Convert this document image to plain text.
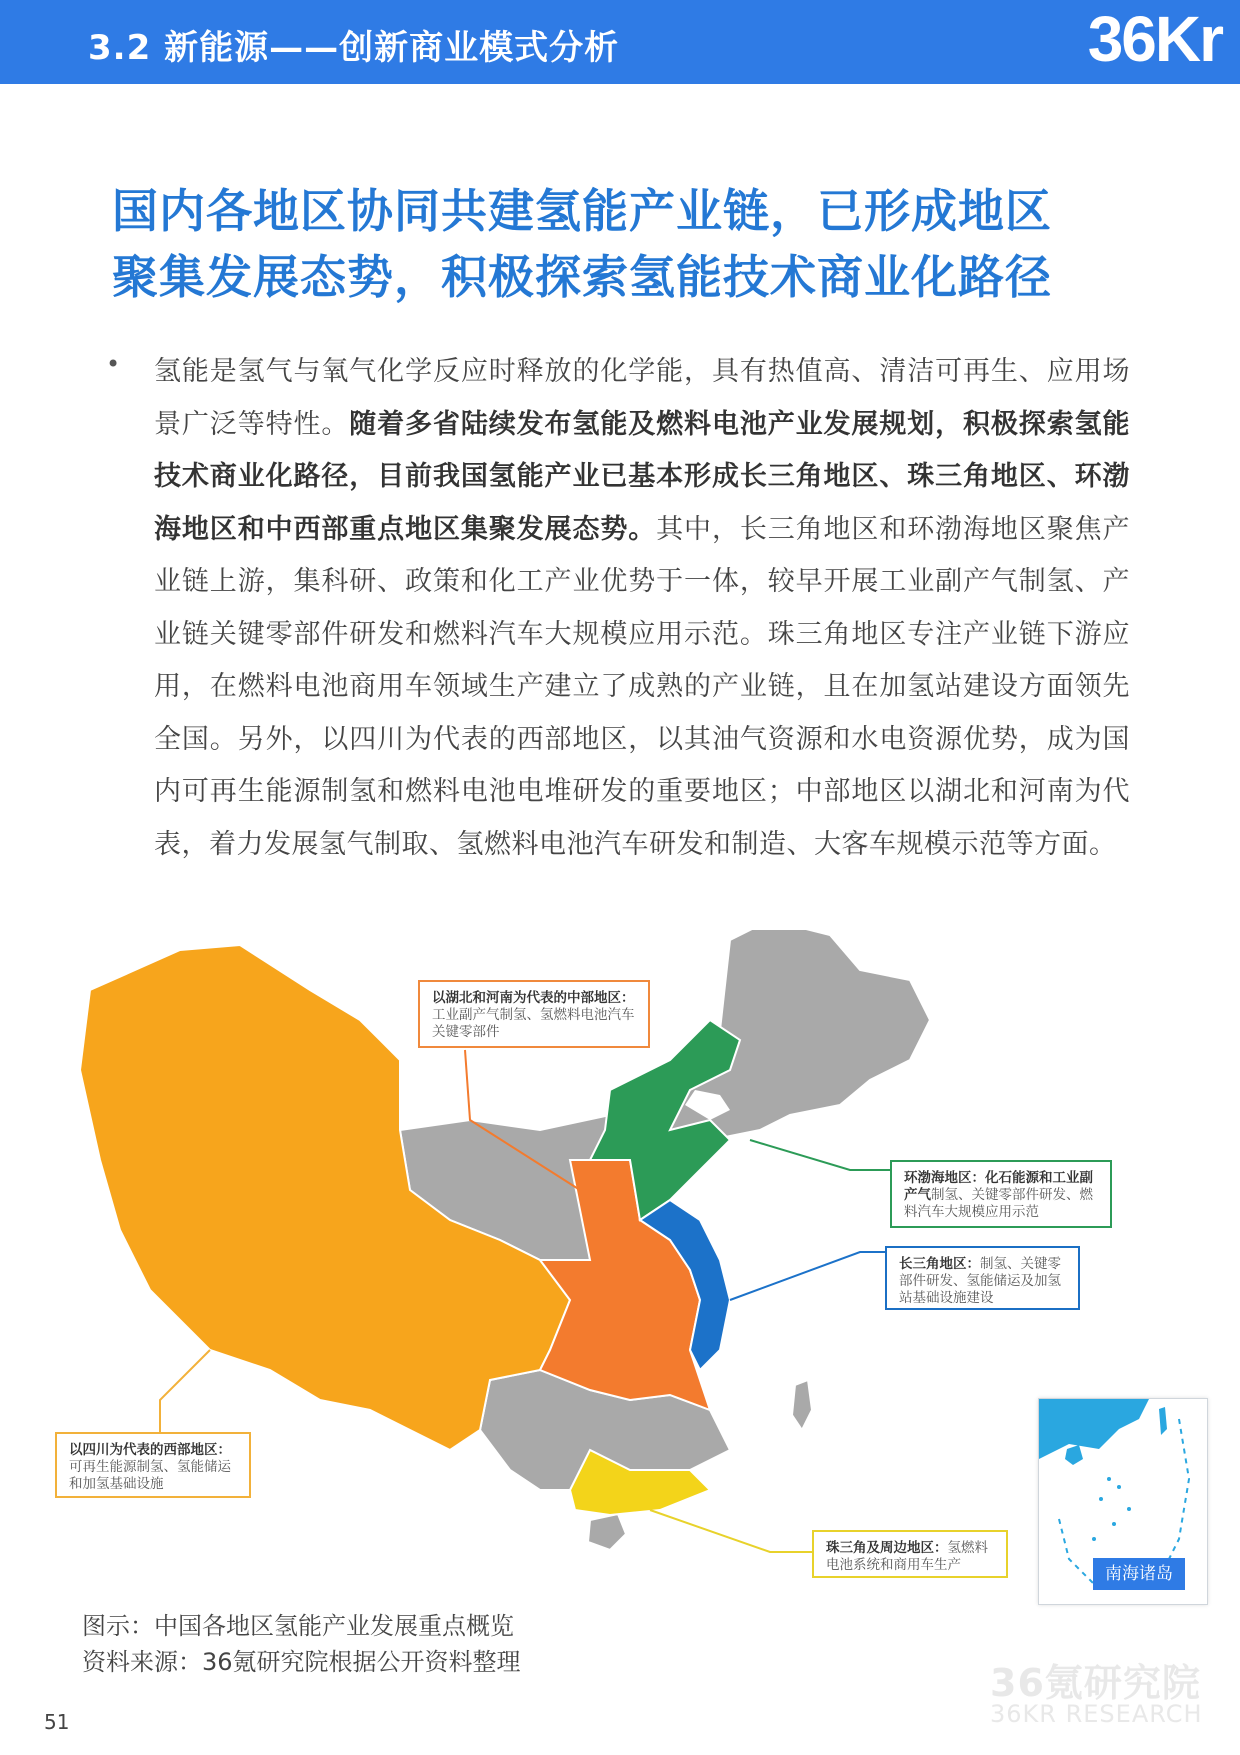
3.2 新能源——创新商业模式分析	36Kr
国内各地区协同共建氢能产业链，已形成地区
聚集发展态势，积极探索氢能技术商业化路径
• 氢能是氢气与氧气化学反应时释放的化学能，具有热值高、清洁可再生、应用场景广泛等特性。随着多省陆续发布氢能及燃料电池产业发展规划，积极探索氢能技术商业化路径，目前我国氢能产业已基本形成长三角地区、珠三角地区、环渤海地区和中西部重点地区集聚发展态势。其中，长三角地区和环渤海地区聚焦产业链上游，集科研、政策和化工产业优势于一体，较早开展工业副产气制氢、产业链关键零部件研发和燃料汽车大规模应用示范。珠三角地区专注产业链下游应用，在燃料电池商用车领域生产建立了成熟的产业链，且在加氢站建设方面领先全国。另外，以四川为代表的西部地区，以其油气资源和水电资源优势，成为国内可再生能源制氢和燃料电池电堆研发的重要地区；中部地区以湖北和河南为代表，着力发展氢气制取、氢燃料电池汽车研发和制造、大客车规模示范等方面。
以湖北和河南为代表的中部地区：工业副产气制氢、氢燃料电池汽车关键零部件
环渤海地区：化石能源和工业副产气制氢、关键零部件研发、燃料汽车大规模应用示范
长三角地区：制氢、关键零部件研发、氢能储运及加氢站基础设施建设
以四川为代表的西部地区：可再生能源制氢、氢能储运和加氢基础设施
珠三角及周边地区：氢燃料电池系统和商用车生产	南海诸岛
图示：中国各地区氢能产业发展重点概览
资料来源：36氪研究院根据公开资料整理	36氪研究院
36KR RESEARCH
51
